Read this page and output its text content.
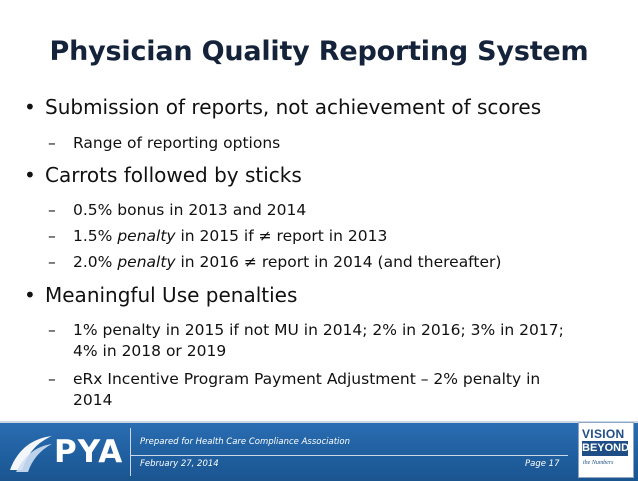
Physician Quality Reporting System
• Submission of reports, not achievement of scores
– Range of reporting options
• Carrots followed by sticks
– 0.5% bonus in 2013 and 2014
– 1.5% penalty in 2015 if ≠ report in 2013
– 2.0% penalty in 2016 ≠ report in 2014 (and thereafter)
• Meaningful Use penalties
– 1% penalty in 2015 if not MU in 2014; 2% in 2016; 3% in 2017;
4% in 2018 or 2019
– eRx Incentive Program Payment Adjustment – 2% penalty in
2014
Prepared for Health Care Compliance Association
February 27, 2014	Page 17
PYA	VISION
BEYOND
the Numbers
